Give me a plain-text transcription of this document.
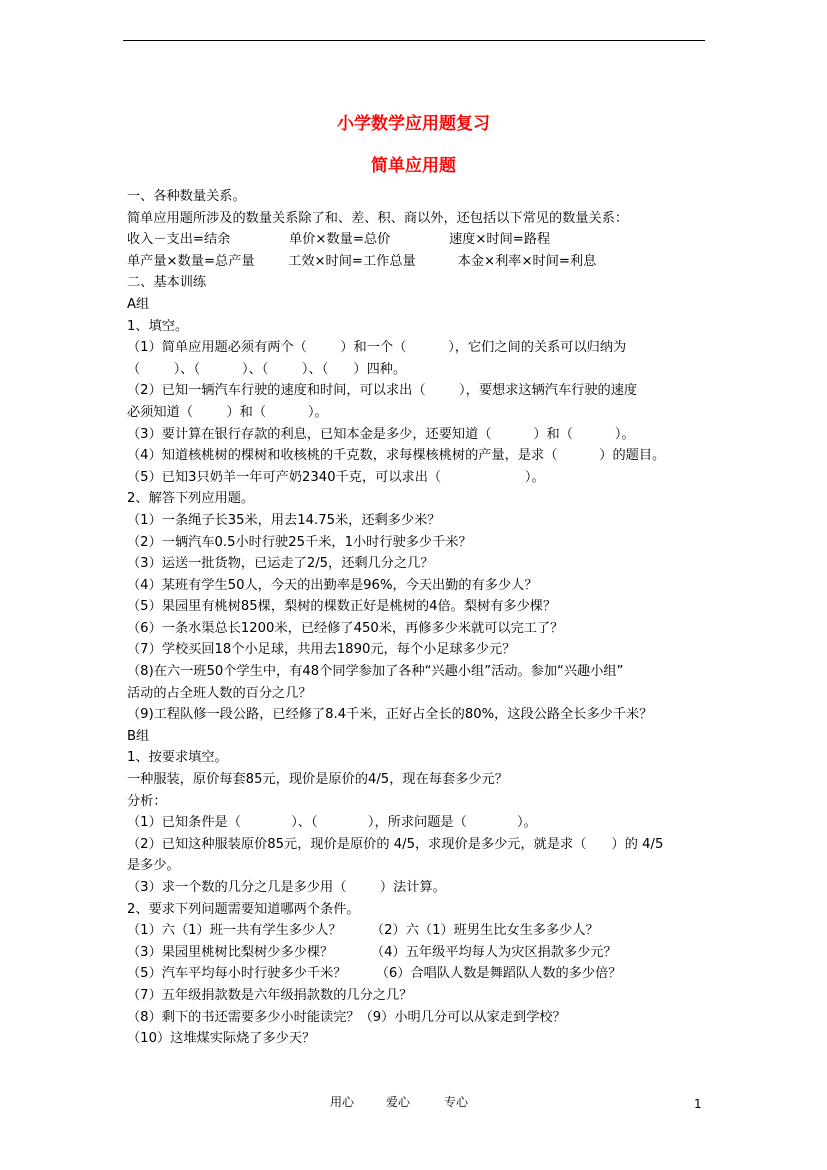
小学数学应用题复习
简单应用题
一、各种数量关系。
简单应用题所涉及的数量关系除了和、差、积、商以外，还包括以下常见的数量关系：
收入－支出=结余              单价×数量=总价              速度×时间=路程
单产量×数量=总产量        工效×时间=工作总量          本金×利率×时间=利息
二、基本训练
A组
1、填空。
（1）简单应用题必须有两个（        ）和一个（          ），它们之间的关系可以归纳为
（        ）、（          ）、（        ）、（      ）四种。
（2）已知一辆汽车行驶的速度和时间，可以求出（        ），要想求这辆汽车行驶的速度
必须知道（        ）和（          ）。
（3）要计算在银行存款的利息，已知本金是多少，还要知道（          ）和（          ）。
（4）知道核桃树的棵树和收核桃的千克数，求每棵核桃树的产量，是求（          ）的题目。
（5）已知3只奶羊一年可产奶2340千克，可以求出（                    ）。
2、解答下列应用题。
（1）一条绳子长35米，用去14.75米，还剩多少米？
（2）一辆汽车0.5小时行驶25千米，1小时行驶多少千米？
（3）运送一批货物，已运走了2/5，还剩几分之几？
（4）某班有学生50人，今天的出勤率是96%，今天出勤的有多少人？
（5）果园里有桃树85棵，梨树的棵数正好是桃树的4倍。梨树有多少棵？
（6）一条水渠总长1200米，已经修了450米，再修多少米就可以完工了？
（7）学校买回18个小足球，共用去1890元，每个小足球多少元？
（8)在六一班50个学生中，有48个同学参加了各种“兴趣小组”活动。参加“兴趣小组”
活动的占全班人数的百分之几？
（9)工程队修一段公路，已经修了8.4千米，正好占全长的80%，这段公路全长多少千米？
B组
1、按要求填空。
一种服装，原价每套85元，现价是原价的4/5，现在每套多少元？
分析：
（1）已知条件是（            ）、（            ），所求问题是（            ）。
（2）已知这种服装原价85元，现价是原价的 4/5，求现价是多少元，就是求（      ）的 4/5
是多少。
（3）求一个数的几分之几是多少用（        ）法计算。
2、要求下列问题需要知道哪两个条件。
（1）六（1）班一共有学生多少人？       （2）六（1）班男生比女生多多少人？
（3）果园里桃树比梨树少多少棵？         （4）五年级平均每人为灾区捐款多少元？
（5）汽车平均每小时行驶多少千米？       （6）合唱队人数是舞蹈队人数的多少倍？
（7）五年级捐款数是六年级捐款数的几分之几？
（8）剩下的书还需要多少小时能读完？（9）小明几分可以从家走到学校？
（10）这堆煤实际烧了多少天？
用心	爱心	专心	1
